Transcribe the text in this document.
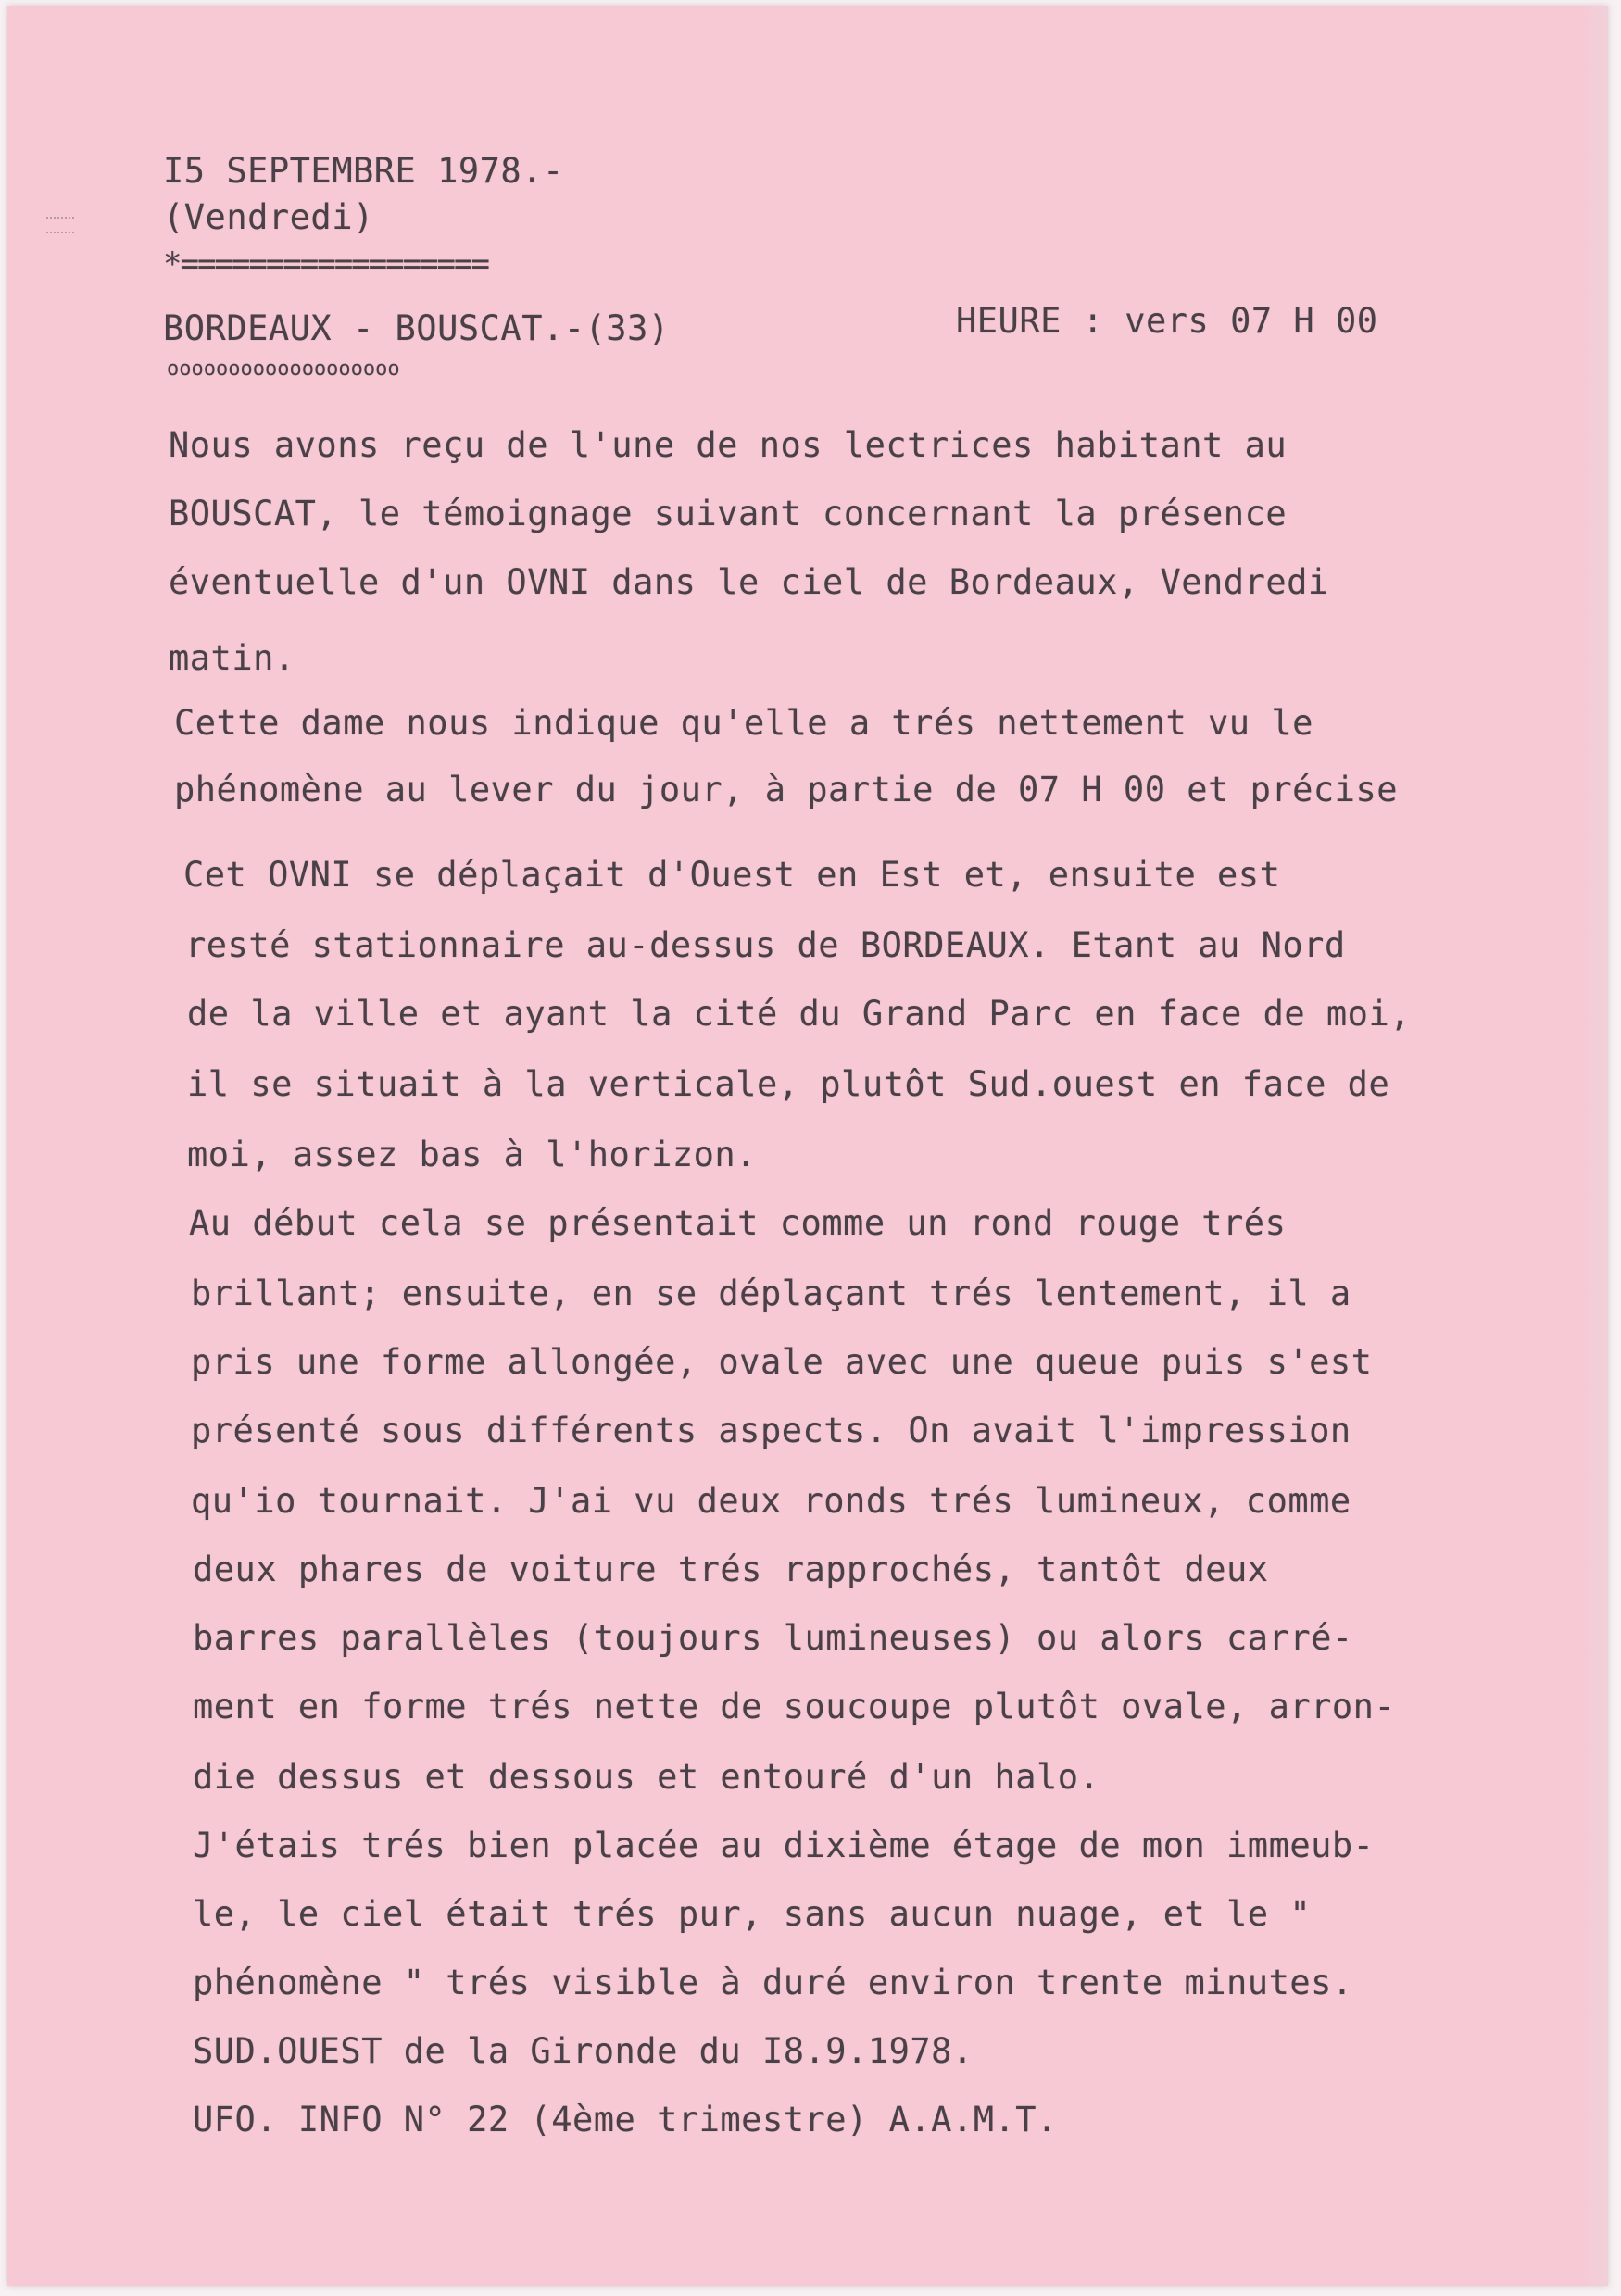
I5 SEPTEMBRE 1978.-
(Vendredi)
*==================
BORDEAUX - BOUSCAT.-(33)	HEURE : vers 07 H 00
ooooooooooooooooooo
Nous avons reçu de l'une de nos lectrices habitant au
BOUSCAT, le témoignage suivant concernant la présence
éventuelle d'un OVNI dans le ciel de Bordeaux, Vendredi
matin.
Cette dame nous indique qu'elle a trés nettement vu le
phénomène au lever du jour, à partie de 07 H 00 et précise
Cet OVNI se déplaçait d'Ouest en Est et, ensuite est
resté stationnaire au-dessus de BORDEAUX. Etant au Nord
de la ville et ayant la cité du Grand Parc en face de moi,
il se situait à la verticale, plutôt Sud.ouest en face de
moi, assez bas à l'horizon.
Au début cela se présentait comme un rond rouge trés
brillant; ensuite, en se déplaçant trés lentement, il a
pris une forme allongée, ovale avec une queue puis s'est
présenté sous différents aspects. On avait l'impression
qu'io tournait. J'ai vu deux ronds trés lumineux, comme
deux phares de voiture trés rapprochés, tantôt deux
barres parallèles (toujours lumineuses) ou alors carré-
ment en forme trés nette de soucoupe plutôt ovale, arron-
die dessus et dessous et entouré d'un halo.
J'étais trés bien placée au dixième étage de mon immeub-
le, le ciel était trés pur, sans aucun nuage, et le "
phénomène " trés visible à duré environ trente minutes.
SUD.OUEST de la Gironde du I8.9.1978.
UFO. INFO N° 22 (4ème trimestre) A.A.M.T.
